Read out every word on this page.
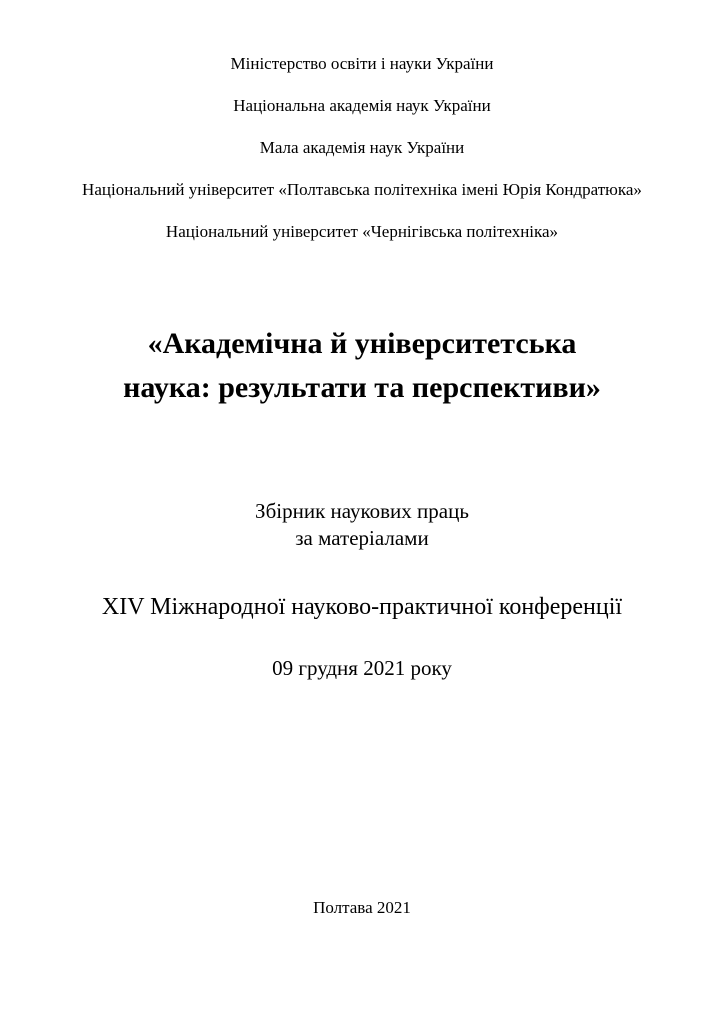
Міністерство освіти і науки України
Національна академія наук України
Мала академія наук України
Національний університет «Полтавська політехніка імені Юрія Кондратюка»
Національний університет «Чернігівська політехніка»
«Академічна й університетська
наука: результати та перспективи»
Збірник наукових праць
за матеріалами
XIV Міжнародної науково-практичної конференції
09 грудня 2021 року
Полтава 2021
